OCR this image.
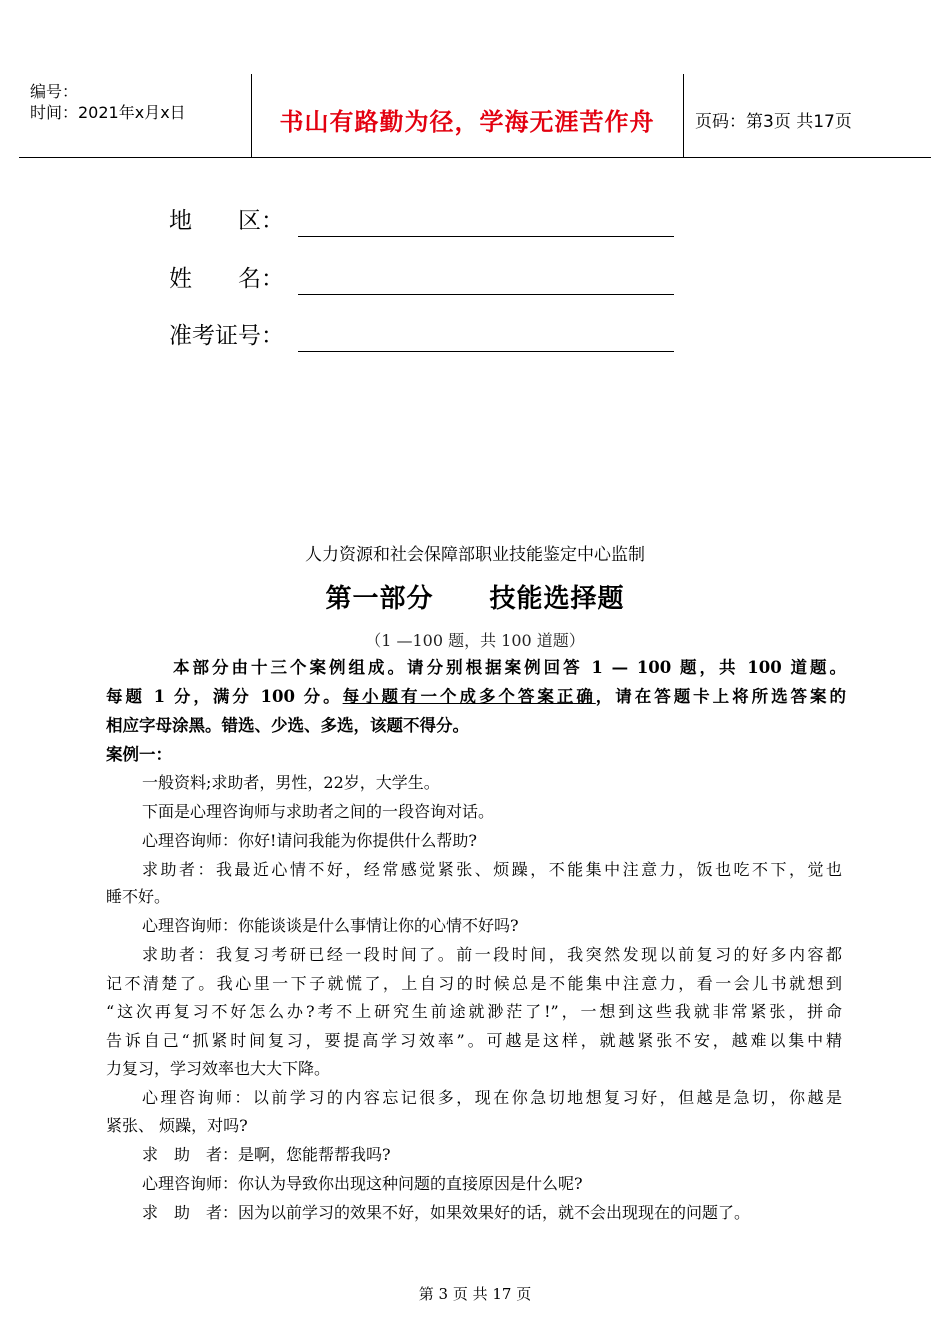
编号：
时间：2021年x月x日	书山有路勤为径，学海无涯苦作舟	页码：第3页 共17页
地　　区：
姓　　名：
准考证号：
人力资源和社会保障部职业技能鉴定中心监制
第一部分 技能选择题
（1 —100 题，共 100 道题）
本部分由十三个案例组成。请分别根据案例回答 1 — 100 题，共 100 道题。
每题 1 分，满分 100 分。每小题有一个成多个答案正确，请在答题卡上将所选答案的
相应字母涂黑。错选、少选、多选，该题不得分。
案例一：
一般资料;求助者，男性，22岁，大学生。
下面是心理咨询师与求助者之间的一段咨询对话。
心理咨询师：你好!请问我能为你提供什么帮助?
求助者：我最近心情不好，经常感觉紧张、烦躁，不能集中注意力，饭也吃不下，觉也
睡不好。
心理咨询师：你能谈谈是什么事情让你的心情不好吗?
求助者：我复习考研已经一段时间了。前一段时间，我突然发现以前复习的好多内容都
记不清楚了。我心里一下子就慌了，上自习的时候总是不能集中注意力，看一会儿书就想到
“这次再复习不好怎么办?考不上研究生前途就渺茫了!”，一想到这些我就非常紧张，拼命
告诉自己“抓紧时间复习，要提高学习效率”。可越是这样，就越紧张不安，越难以集中精
力复习，学习效率也大大下降。
心理咨询师：以前学习的内容忘记很多，现在你急切地想复习好，但越是急切，你越是
紧张、 烦躁，对吗?
求　助　者：是啊，您能帮帮我吗?
心理咨询师：你认为导致你出现这种问题的直接原因是什么呢?
求　助　者：因为以前学习的效果不好，如果效果好的话，就不会出现现在的问题了。
第 3 页 共 17 页
